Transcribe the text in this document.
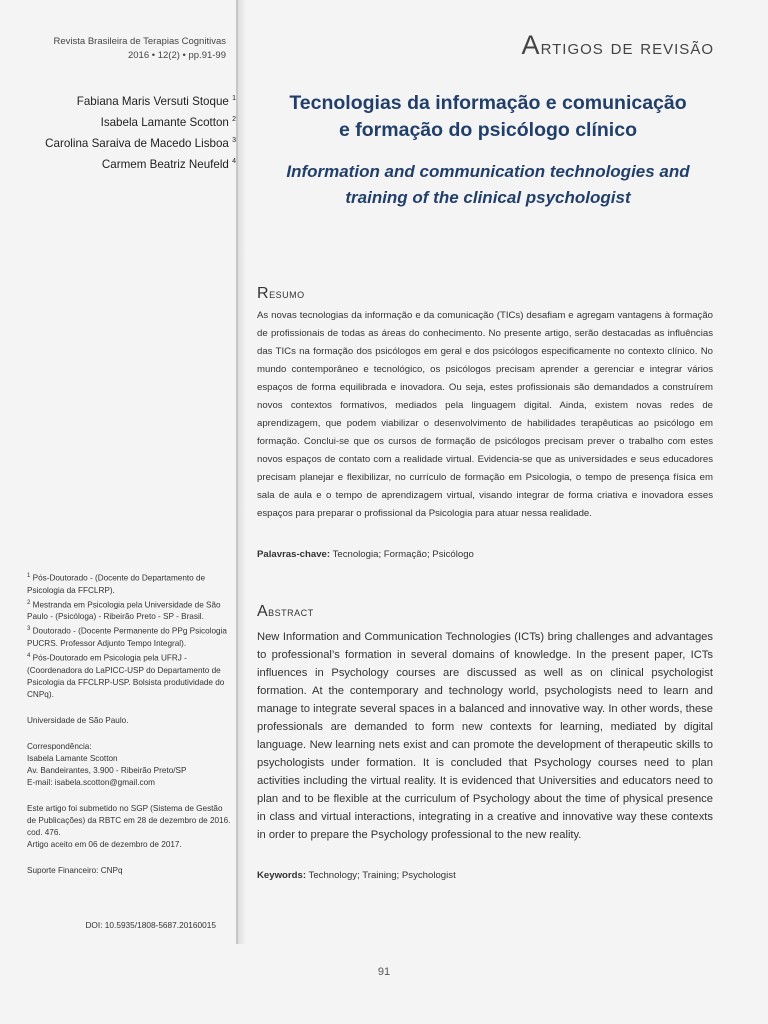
Revista Brasileira de Terapias Cognitivas
2016 • 12(2) • pp.91-99	Artigos de revisão
Fabiana Maris Versuti Stoque $^1$
Isabela Lamante Scotton $^2$
Carolina Saraiva de Macedo Lisboa $^3$
Carmem Beatriz Neufeld $^4$
Tecnologias da informação e comunicação
e formação do psicólogo clínico
Information and communication technologies and
training of the clinical psychologist
Resumo
As novas tecnologias da informação e da comunicação (TICs) desafiam e agregam vantagens à formação de profissionais de todas as áreas do conhecimento. No presente artigo, serão destacadas as influências das TICs na formação dos psicólogos em geral e dos psicólogos especificamente no contexto clínico. No mundo contemporâneo e tecnológico, os psicólogos precisam aprender a gerenciar e integrar vários espaços de forma equilibrada e inovadora. Ou seja, estes profissionais são demandados a construírem novos contextos formativos, mediados pela linguagem digital. Ainda, existem novas redes de aprendizagem, que podem viabilizar o desenvolvimento de habilidades terapêuticas ao psicólogo em formação. Conclui-se que os cursos de formação de psicólogos precisam prever o trabalho com estes novos espaços de contato com a realidade virtual. Evidencia-se que as universidades e seus educadores precisam planejar e flexibilizar, no currículo de formação em Psicologia, o tempo de presença física em sala de aula e o tempo de aprendizagem virtual, visando integrar de forma criativa e inovadora esses espaços para preparar o profissional da Psicologia para atuar nessa realidade.
Palavras-chave: Tecnologia; Formação; Psicólogo
Abstract
New Information and Communication Technologies (ICTs) bring challenges and advantages to professional’s formation in several domains of knowledge. In the present paper, ICTs influences in Psychology courses are discussed as well as on clinical psychologist formation. At the contemporary and technology world, psychologists need to learn and manage to integrate several spaces in a balanced and innovative way. In other words, these professionals are demanded to form new contexts for learning, mediated by digital language. New learning nets exist and can promote the development of therapeutic skills to psychologists under formation. It is concluded that Psychology courses need to plan activities including the virtual reality. It is evidenced that Universities and educators need to plan and to be flexible at the curriculum of Psychology about the time of physical presence in class and virtual interactions, integrating in a creative and innovative way these contexts in order to prepare the Psychology professional to the new reality.
Keywords: Technology; Training; Psychologist

$^1$ Pós-Doutorado - (Docente do Departamento de Psicologia da FFCLRP).

$^2$ Mestranda em Psicologia pela Universidade de São Paulo - (Psicóloga) - Ribeirão Preto - SP - Brasil.

$^3$ Doutorado - (Docente Permanente do PPg Psicologia PUCRS. Professor Adjunto Tempo Integral).

$^4$ Pós-Doutorado em Psicologia pela UFRJ - (Coordenadora do LaPICC-USP do Departamento de Psicologia da FFCLRP-USP. Bolsista produtividade do CNPq).

Universidade de São Paulo.

Correspondência:

Isabela Lamante Scotton

Av. Bandeirantes, 3.900 - Ribeirão Preto/SP

E-mail: isabela.scotton@gmail.com

Este artigo foi submetido no SGP (Sistema de Gestão de Publicações) da RBTC em 28 de dezembro de 2016. cod. 476.

Artigo aceito em 06 de dezembro de 2017.

Suporte Financeiro: CNPq

DOI: 10.5935/1808-5687.20160015
91
